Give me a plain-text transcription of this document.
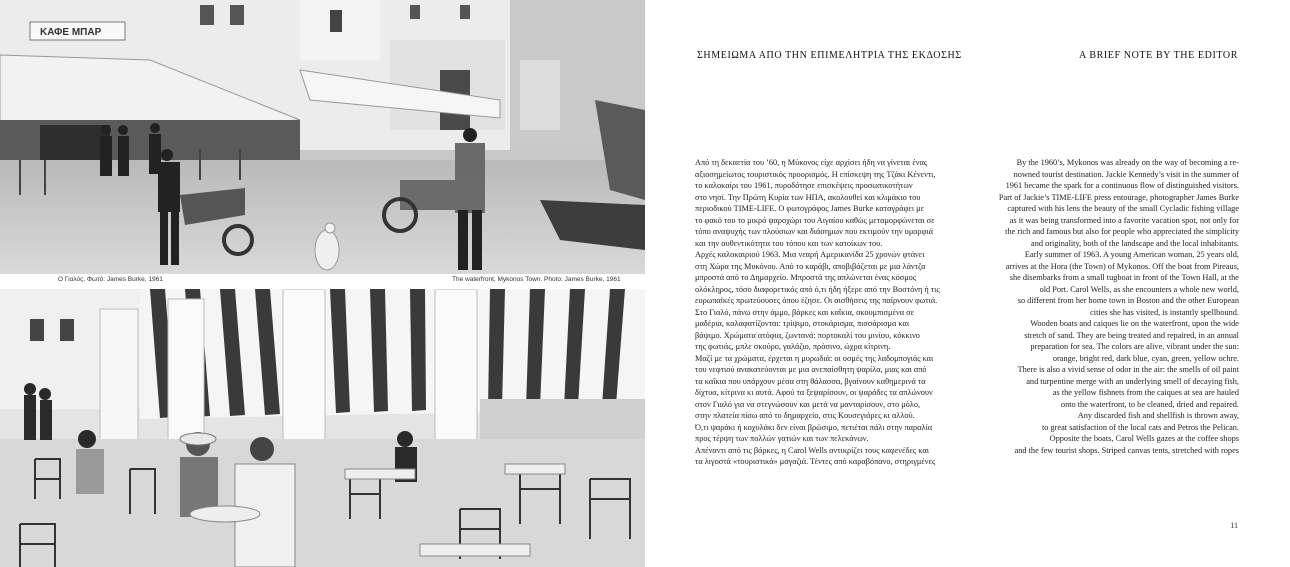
ΚΑΦΕ ΜΠΑΡ
Ο Γιαλός. Φωτό: James Burke, 1961	The waterfront, Mykonos Town. Photo: James Burke, 1961
ΣΗΜΕΙΩΜΑ ΑΠΟ ΤΗΝ ΕΠΙΜΕΛΗΤΡΙΑ ΤΗΣ ΕΚΔΟΣΗΣ	A BRIEF NOTE BY THE EDITOR

Από τη δεκαετία του ’60, η Μύκονος είχε αρχίσει ήδη να γίνεται ένας

αξιοσημείωτος τουριστικός προορισμός. Η επίσκεψη της Τζάκι Κένεντι,

το καλοκαίρι του 1961, πυροδότησε επισκέψεις προσωπικοτήτων

στο νησί. Την Πρώτη Κυρία των ΗΠΑ, ακολουθεί και κλιμάκιο του

περιοδικού TIME-LIFE. Ο φωτογράφος James Burke καταγράφει με

το φακό του το μικρό ψαροχώρι του Αιγαίου καθώς μεταμορφώνεται σε

τόπο αναψυχής των πλούσιων και διάσημων που εκτιμούν την ομορφιά

και την αυθεντικότητα του τόπου και των κατοίκων του.

Αρχές καλοκαιριού 1963. Μια νεαρή Αμερικανίδα 25 χρονών φτάνει

στη Χώρα της Μυκόνου. Από το καράβι, αποβιβάζεται με μια λάντζα

μπροστά από το Δημαρχείο. Μπροστά της απλώνεται ένας κόσμος

ολόκληρος, τόσο διαφορετικός από ό,τι ήδη ήξερε από την Βοστόνη ή τις

ευρωπαϊκές πρωτεύουσες όπου έζησε. Οι αισθήσεις της παίρνουν φωτιά.

Στο Γιαλό, πάνω στην άμμο, βάρκες και καΐκια, ακουμπισμένα σε

μαδέρια, καλαφατίζονται: τρίψιμο, στοκάρισμα, πισσάρισμα και

βάψιμο. Χρώματα ατόφια, ζωντανά: πορτοκαλί του μινίου, κόκκινο

της φωτιάς, μπλε σκούρο, γαλάζιο, πράσινο, ώχρα κίτρινη.

Μαζί με τα χρώματα, έρχεται η μυρωδιά: οι οσμές της λαδομπογιάς και

του νεφτιού ανακατεύονται με μια ανεπαίσθητη ψαρίλα, μιας και από

τα καΐκια που υπάρχουν μέσα στη θάλασσα, βγαίνουν καθημερινά τα

δίχτυα, κίτρινα κι αυτά. Αφού τα ξεψαρίσουν, οι ψαράδες τα απλώνουν

στον Γιαλό για να στεγνώσουν και μετά να μανταρίσουν, στο μόλο,

στην πλατεία πίσω από το δημαρχείο, στις Κουσεγιάρες κι αλλού.

Ό,τι ψαράκι ή κοχυλάκι δεν είναι βρώσιμο, πετιέται πάλι στην παραλία

προς τέρψη των πολλών γατιών και των πελεκάνων.

Απέναντι από τις βάρκες, η Carol Wells αντικρίζει τους καφενέδες και

τα λιγοστά «τουριστικά» μαγαζιά. Τέντες από καραβόπανο, στηριγμένες

By the 1960’s, Mykonos was already on the way of becoming a re-

nowned tourist destination. Jackie Kennedy’s visit in the summer of

1961 became the spark for a continuous flow of distinguished visitors.

Part of Jackie’s TIME-LIFE press entourage, photographer James Burke

captured with his lens the beauty of the small Cycladic fishing village

as it was being transformed into a favorite vacation spot, not only for

the rich and famous but also for people who appreciated the simplicity

and originality, both of the landscape and the local inhabitants.

Early summer of 1963. A young American woman, 25 years old,

arrives at the Hora (the Town) of Mykonos. Off the boat from Pireaus,

she disembarks from a small tugboat in front of the Town Hall, at the

old Port. Carol Wells, as she encounters a whole new world,

so different from her home town in Boston and the other European

cities she has visited, is instantly spellbound.

Wooden boats and caiques lie on the waterfront, upon the wide

stretch of sand. They are being treated and repaired, in an annual

preparation for sea. The colors are alive, vibrant under the sun:

orange, bright red, dark blue, cyan, green, yellow ochre.

There is also a vivid sense of odor in the air: the smells of oil paint

and turpentine merge with an underlying smell of decaying fish,

as the yellow fishnets from the caiques at sea are hauled

onto the waterfront, to be cleaned, dried and repaired.

Any discarded fish and shellfish is thrown away,

to great satisfaction of the local cats and Petros the Pelican.

Opposite the boats, Carol Wells gazes at the coffee shops

and the few tourist shops. Striped canvas tents, stretched with ropes

11
